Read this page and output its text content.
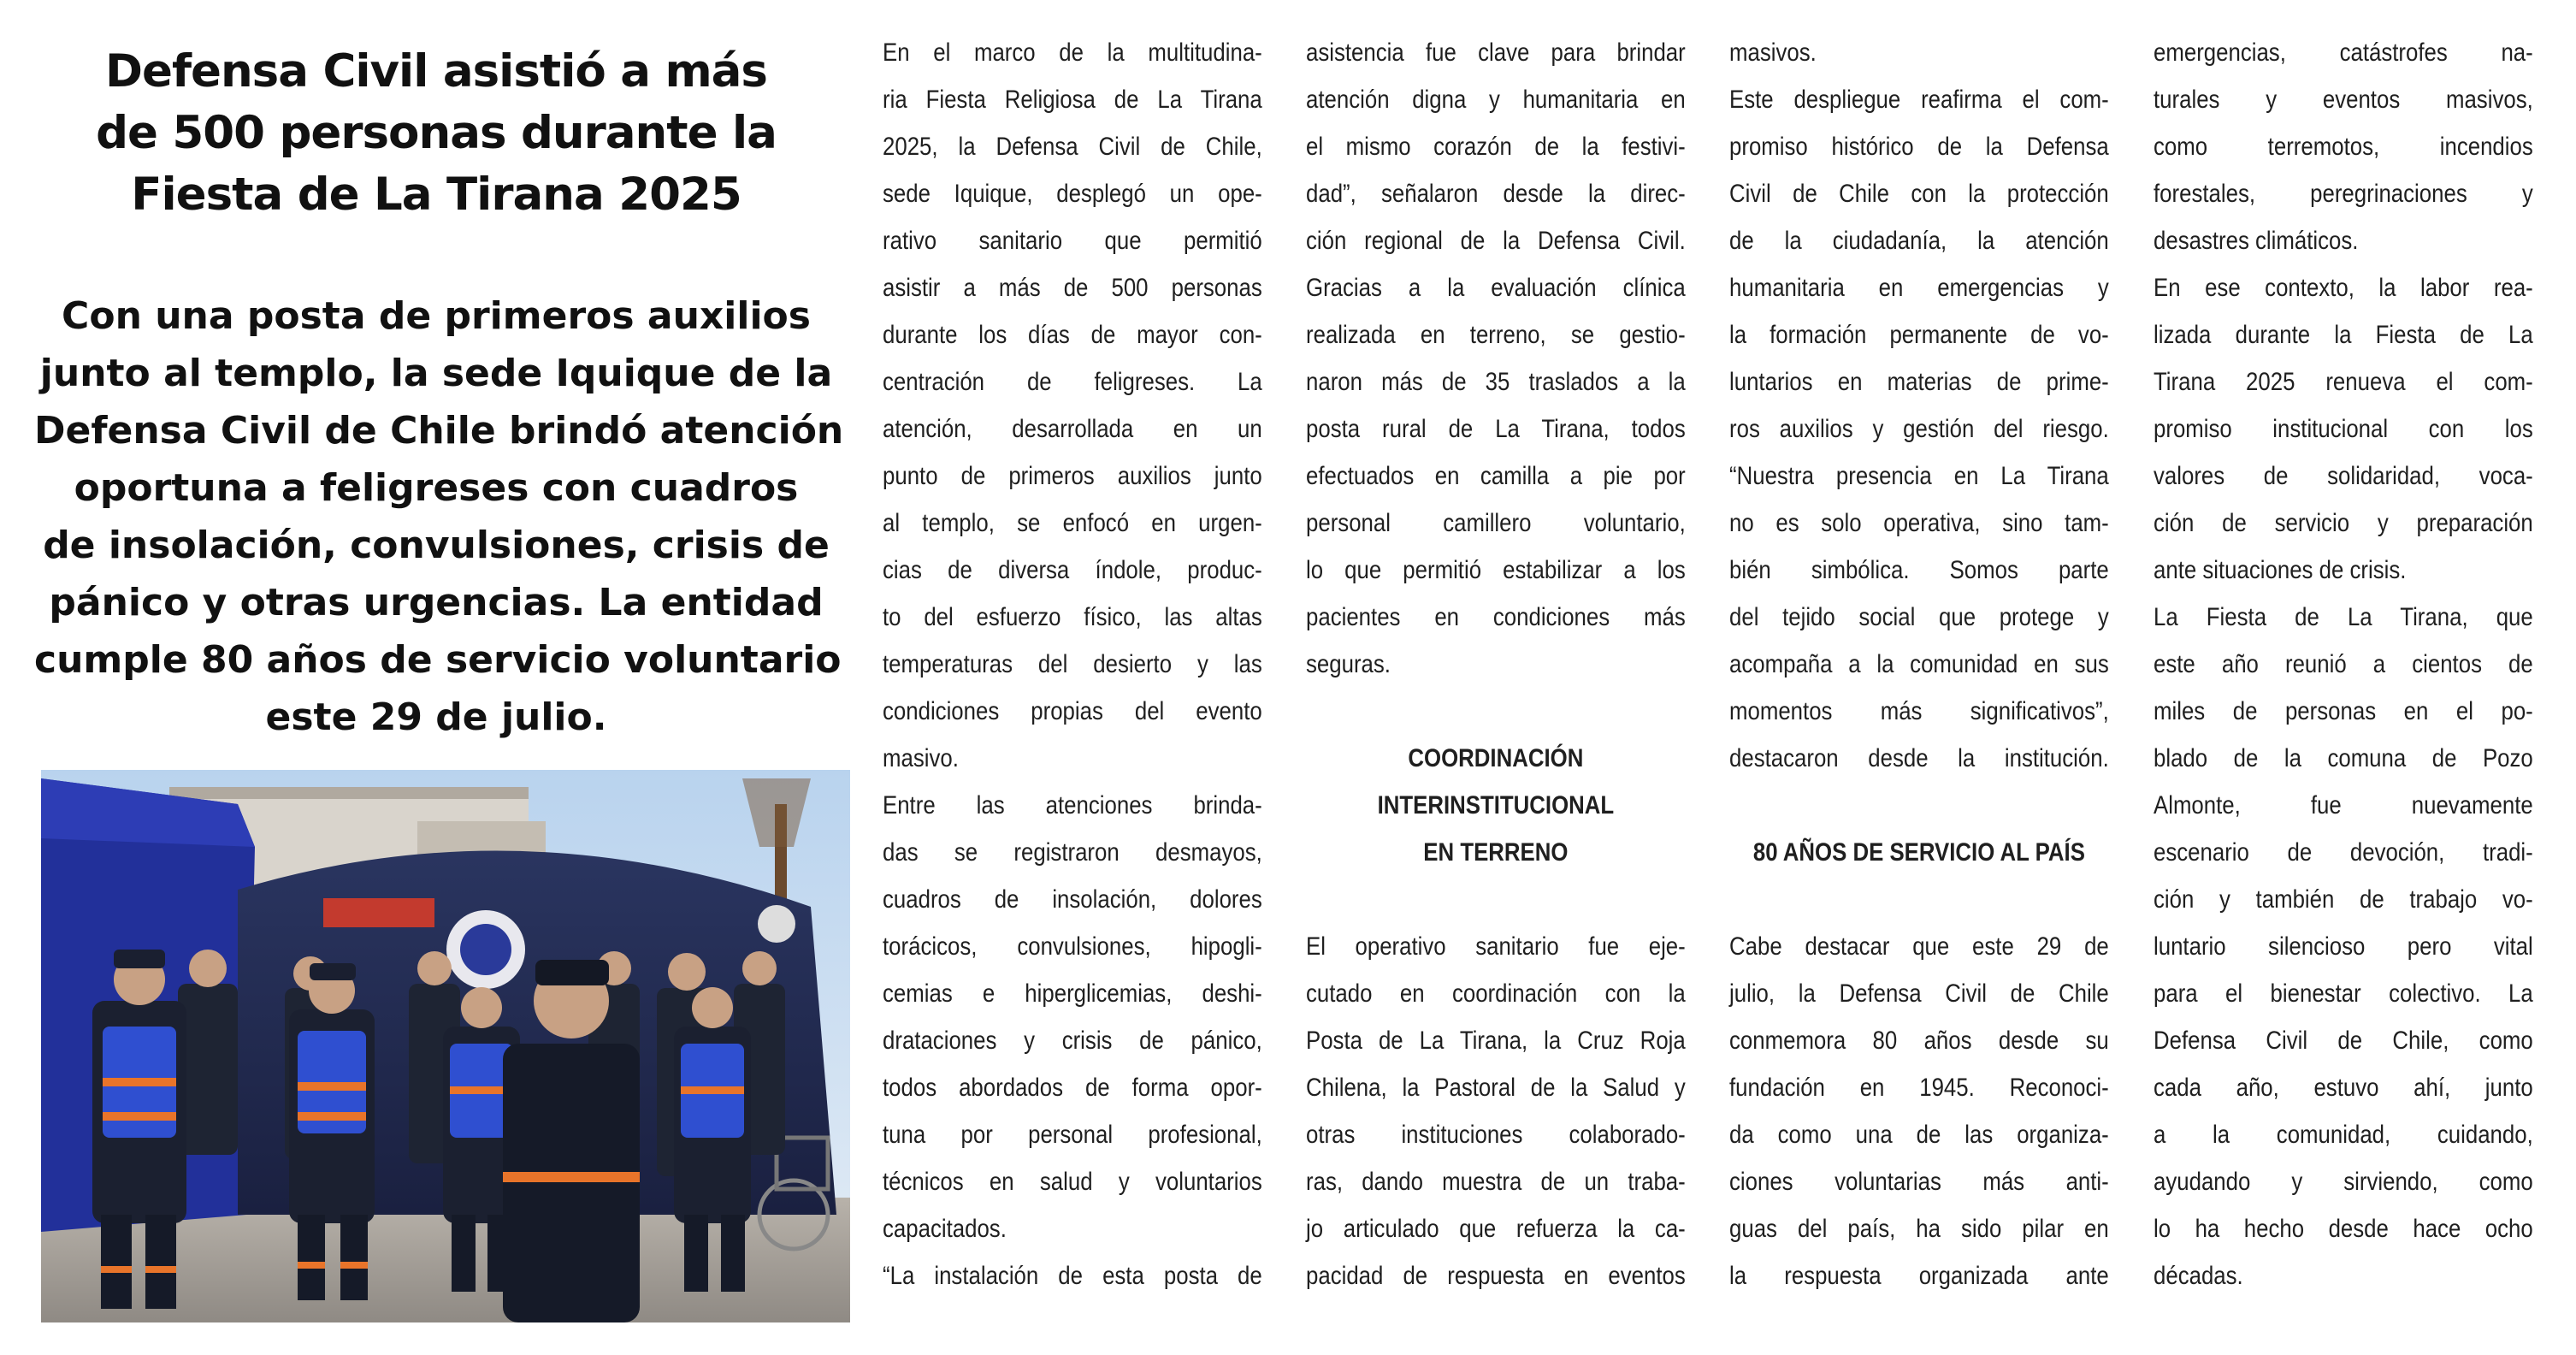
Defensa Civil asistió a más
de 500 personas durante la
Fiesta de La Tirana 2025
Con una posta de primeros auxilios
junto al templo, la sede Iquique de la
Defensa Civil de Chile brindó atención
oportuna a feligreses con cuadros
de insolación, convulsiones, crisis de
pánico y otras urgencias. La entidad
cumple 80 años de servicio voluntario
este 29 de julio.
En el marco de la multitudina-
ria Fiesta Religiosa de La Tirana
2025, la Defensa Civil de Chile,
sede Iquique, desplegó un ope-
rativo sanitario que permitió
asistir a más de 500 personas
durante los días de mayor con-
centración de feligreses. La
atención, desarrollada en un
punto de primeros auxilios junto
al templo, se enfocó en urgen-
cias de diversa índole, produc-
to del esfuerzo físico, las altas
temperaturas del desierto y las
condiciones propias del evento
masivo.
Entre las atenciones brinda-
das se registraron desmayos,
cuadros de insolación, dolores
torácicos, convulsiones, hipogli-
cemias e hiperglicemias, deshi-
drataciones y crisis de pánico,
todos abordados de forma opor-
tuna por personal profesional,
técnicos en salud y voluntarios
capacitados.
“La instalación de esta posta de
asistencia fue clave para brindar
atención digna y humanitaria en
el mismo corazón de la festivi-
dad”, señalaron desde la direc-
ción regional de la Defensa Civil.
Gracias a la evaluación clínica
realizada en terreno, se gestio-
naron más de 35 traslados a la
posta rural de La Tirana, todos
efectuados en camilla a pie por
personal camillero voluntario,
lo que permitió estabilizar a los
pacientes en condiciones más
seguras.
COORDINACIÓN
INTERINSTITUCIONAL
EN TERRENO
El operativo sanitario fue eje-
cutado en coordinación con la
Posta de La Tirana, la Cruz Roja
Chilena, la Pastoral de la Salud y
otras instituciones colaborado-
ras, dando muestra de un traba-
jo articulado que refuerza la ca-
pacidad de respuesta en eventos
masivos.
Este despliegue reafirma el com-
promiso histórico de la Defensa
Civil de Chile con la protección
de la ciudadanía, la atención
humanitaria en emergencias y
la formación permanente de vo-
luntarios en materias de prime-
ros auxilios y gestión del riesgo.
“Nuestra presencia en La Tirana
no es solo operativa, sino tam-
bién simbólica. Somos parte
del tejido social que protege y
acompaña a la comunidad en sus
momentos más significativos”,
destacaron desde la institución.
80 AÑOS DE SERVICIO AL PAÍS
Cabe destacar que este 29 de
julio, la Defensa Civil de Chile
conmemora 80 años desde su
fundación en 1945. Reconoci-
da como una de las organiza-
ciones voluntarias más anti-
guas del país, ha sido pilar en
la respuesta organizada ante
emergencias, catástrofes na-
turales y eventos masivos,
como terremotos, incendios
forestales, peregrinaciones y
desastres climáticos.
En ese contexto, la labor rea-
lizada durante la Fiesta de La
Tirana 2025 renueva el com-
promiso institucional con los
valores de solidaridad, voca-
ción de servicio y preparación
ante situaciones de crisis.
La Fiesta de La Tirana, que
este año reunió a cientos de
miles de personas en el po-
blado de la comuna de Pozo
Almonte, fue nuevamente
escenario de devoción, tradi-
ción y también de trabajo vo-
luntario silencioso pero vital
para el bienestar colectivo. La
Defensa Civil de Chile, como
cada año, estuvo ahí, junto
a la comunidad, cuidando,
ayudando y sirviendo, como
lo ha hecho desde hace ocho
décadas.
